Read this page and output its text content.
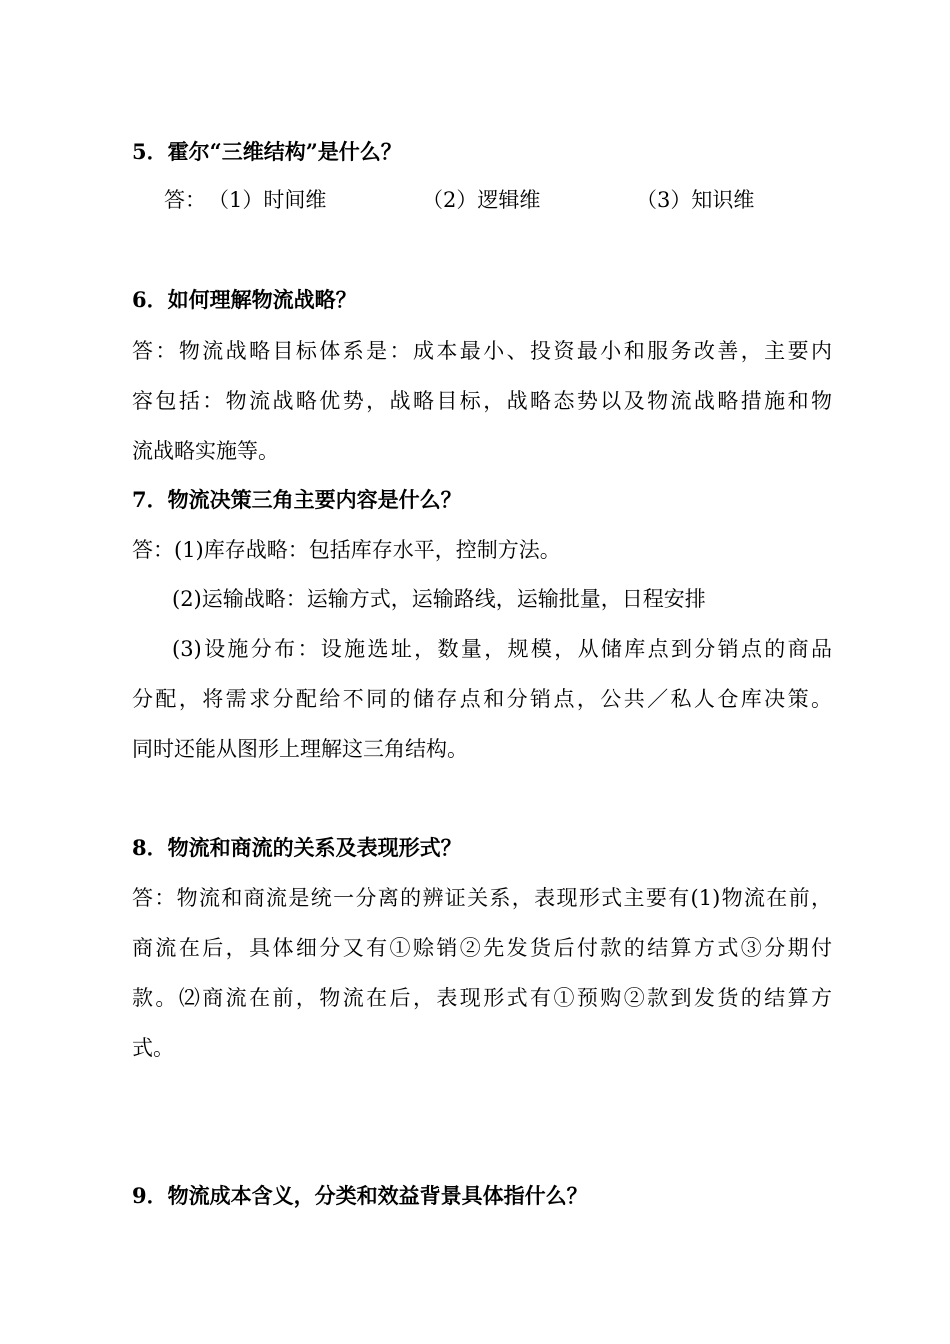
5．霍尔“三维结构”是什么？
答： （1）时间维	（2）逻辑维	（3）知识维
6．如何理解物流战略？
答：物流战略目标体系是：成本最小、投资最小和服务改善，主要内
容包括：物流战略优势，战略目标，战略态势以及物流战略措施和物
流战略实施等。
7．物流决策三角主要内容是什么？
答：(1)库存战略：包括库存水平，控制方法。
(2)运输战略：运输方式，运输路线，运输批量，日程安排
(3)设施分布：设施选址，数量，规模，从储库点到分销点的商品
分配，将需求分配给不同的储存点和分销点，公共／私人仓库决策。
同时还能从图形上理解这三角结构。
8．物流和商流的关系及表现形式？
答：物流和商流是统一分离的辨证关系，表现形式主要有(1)物流在前，
商流在后，具体细分又有①赊销②先发货后付款的结算方式③分期付
款。⑵商流在前，物流在后，表现形式有①预购②款到发货的结算方
式。
9．物流成本含义，分类和效益背景具体指什么？
